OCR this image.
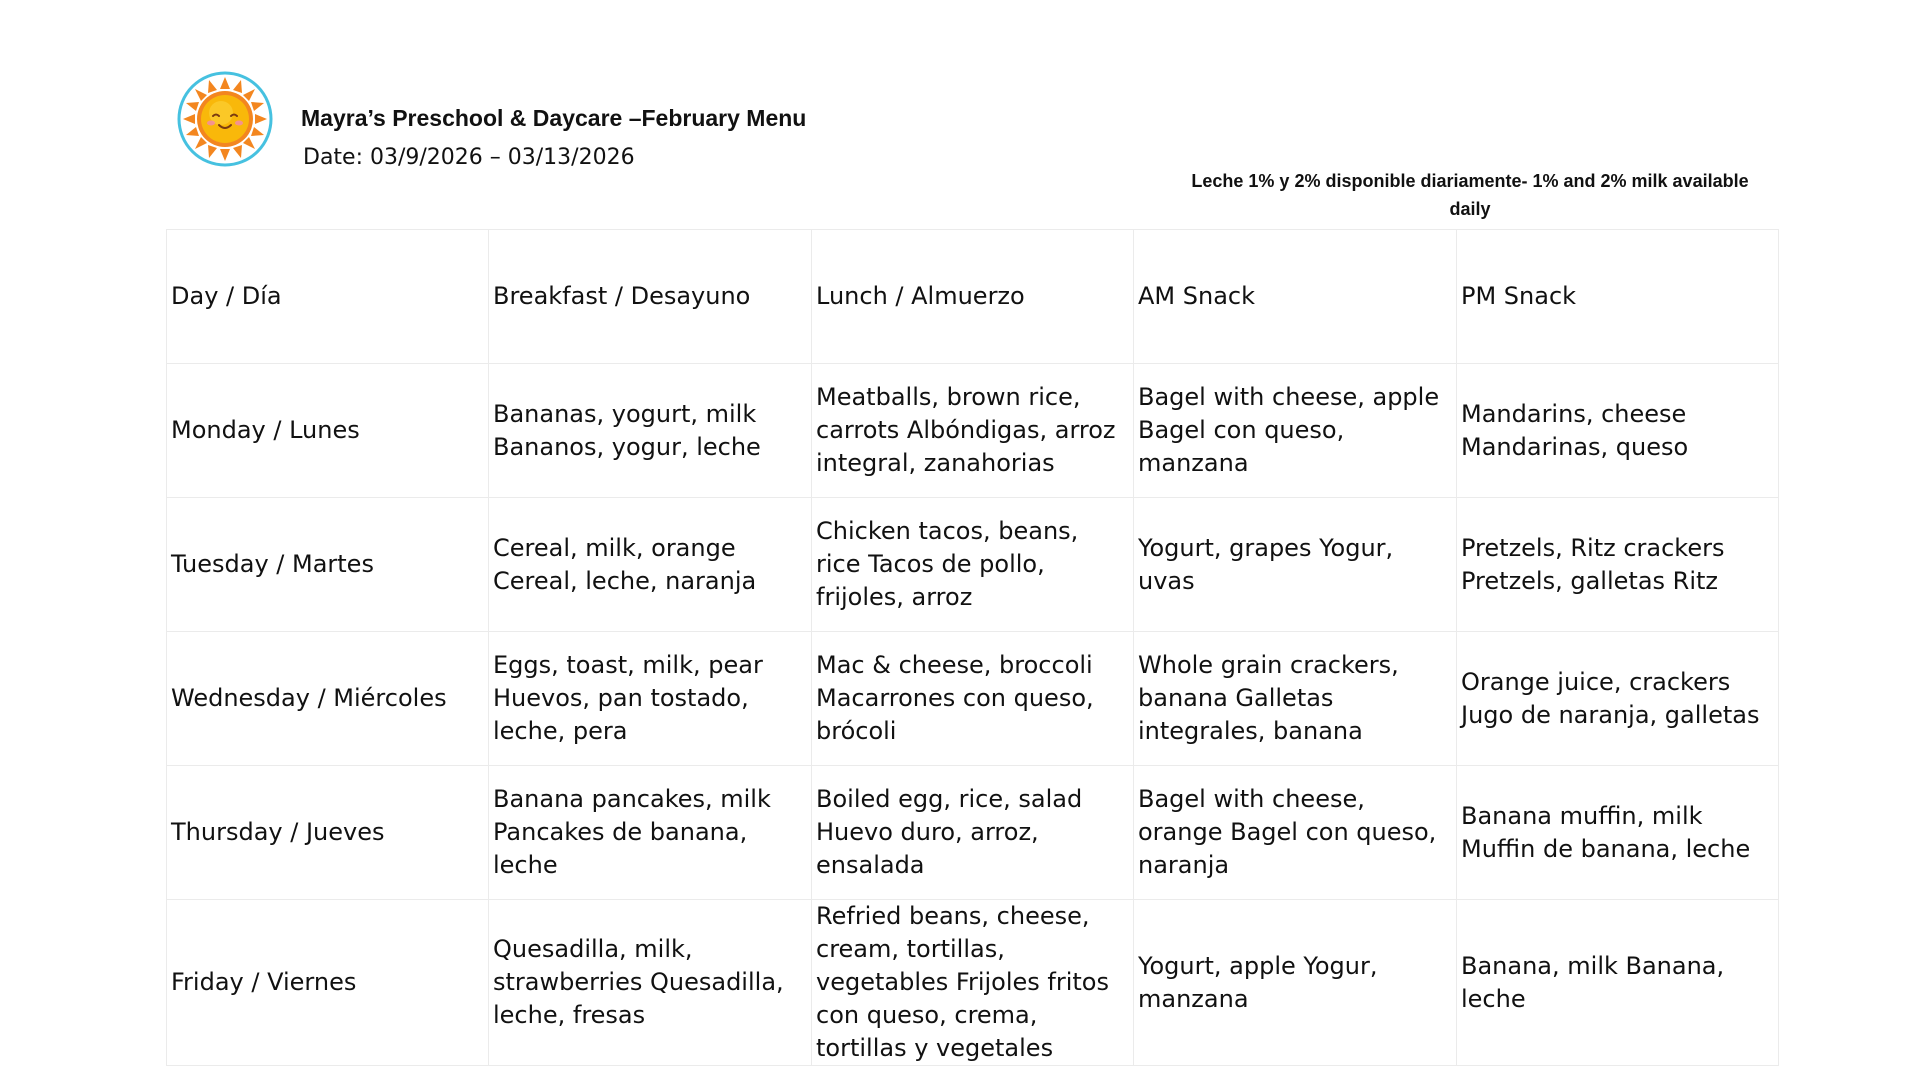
Mayra’s Preschool & Daycare –February Menu
Date: 03/9/2026 – 03/13/2026
Leche 1% y 2% disponible diariamente- 1% and 2% milk available daily
Day / Día	Breakfast / Desayuno	Lunch / Almuerzo	AM Snack	PM Snack

Monday / Lunes	Bananas, yogurt, milk Bananos, yogur, leche	Meatballs, brown rice, carrots Albóndigas, arroz integral, zanahorias	Bagel with cheese, apple Bagel con queso, manzana	Mandarins, cheese Mandarinas, queso

Tuesday / Martes	Cereal, milk, orange Cereal, leche, naranja	Chicken tacos, beans, rice Tacos de pollo, frijoles, arroz	Yogurt, grapes Yogur, uvas	Pretzels, Ritz crackers Pretzels, galletas Ritz

Wednesday / Miércoles	Eggs, toast, milk, pear Huevos, pan tostado, leche, pera	Mac & cheese, broccoli Macarrones con queso, brócoli	Whole grain crackers, banana Galletas integrales, banana	Orange juice, crackers Jugo de naranja, galletas

Thursday / Jueves	Banana pancakes, milk Pancakes de banana, leche	Boiled egg, rice, salad Huevo duro, arroz, ensalada	Bagel with cheese, orange Bagel con queso, naranja	Banana muffin, milk Muffin de banana, leche

Friday / Viernes	Quesadilla, milk, strawberries Quesadilla, leche, fresas	Refried beans, cheese, cream, tortillas, vegetables Frijoles fritos con queso, crema, tortillas y vegetales	Yogurt, apple Yogur, manzana	Banana, milk Banana, leche
